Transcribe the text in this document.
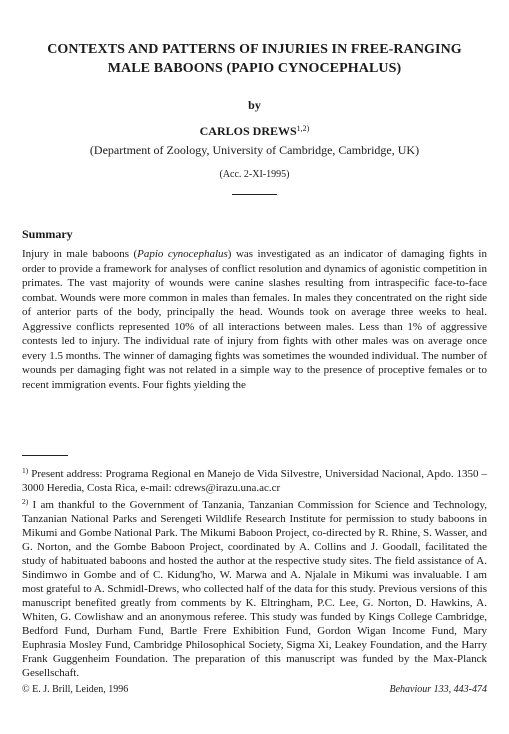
CONTEXTS AND PATTERNS OF INJURIES IN FREE-RANGING
MALE BABOONS (PAPIO CYNOCEPHALUS)
by
CARLOS DREWS$^{1,2)}$
(Department of Zoology, University of Cambridge, Cambridge, UK)
(Acc. 2-XI-1995)
Summary

Injury in male baboons (Papio cynocephalus) was investigated as an indicator of damaging fights in order to provide a framework for analyses of conflict resolution and dynamics of agonistic competition in primates. The vast majority of wounds were canine slashes resulting from intraspecific face-to-face combat. Wounds were more common in males than females. In males they concentrated on the right side of anterior parts of the body, principally the head. Wounds took on average three weeks to heal. Aggressive conflicts represented 10% of all interactions between males. Less than 1% of aggressive contests led to injury. The individual rate of injury from fights with other males was on average once every 1.5 months. The winner of damaging fights was sometimes the wounded individual. The number of wounds per damaging fight was not related in a simple way to the presence of proceptive females or to recent immigration events. Four fights yielding the

$^{1)}$ Present address: Programa Regional en Manejo de Vida Silvestre, Universidad Nacional, Apdo. 1350 – 3000 Heredia, Costa Rica, e-mail: cdrews@irazu.una.ac.cr

$^{2)}$ I am thankful to the Government of Tanzania, Tanzanian Commission for Science and Technology, Tanzanian National Parks and Serengeti Wildlife Research Institute for permission to study baboons in Mikumi and Gombe National Park. The Mikumi Baboon Project, co-directed by R. Rhine, S. Wasser, and G. Norton, and the Gombe Baboon Project, coordinated by A. Collins and J. Goodall, facilitated the study of habituated baboons and hosted the author at the respective study sites. The field assistance of A. Sindimwo in Gombe and of C. Kidung'ho, W. Marwa and A. Njalale in Mikumi was invaluable. I am most grateful to A. Schmidl-Drews, who collected half of the data for this study. Previous versions of this manuscript benefited greatly from comments by K. Eltringham, P.C. Lee, G. Norton, D. Hawkins, A. Whiten, G. Cowlishaw and an anonymous referee. This study was funded by Kings College Cambridge, Bedford Fund, Durham Fund, Bartle Frere Exhibition Fund, Gordon Wigan Income Fund, Mary Euphrasia Mosley Fund, Cambridge Philosophical Society, Sigma Xi, Leakey Foundation, and the Harry Frank Guggenheim Foundation. The preparation of this manuscript was funded by the Max-Planck Gesellschaft.

© E. J. Brill, Leiden, 1996	Behaviour 133, 443-474
